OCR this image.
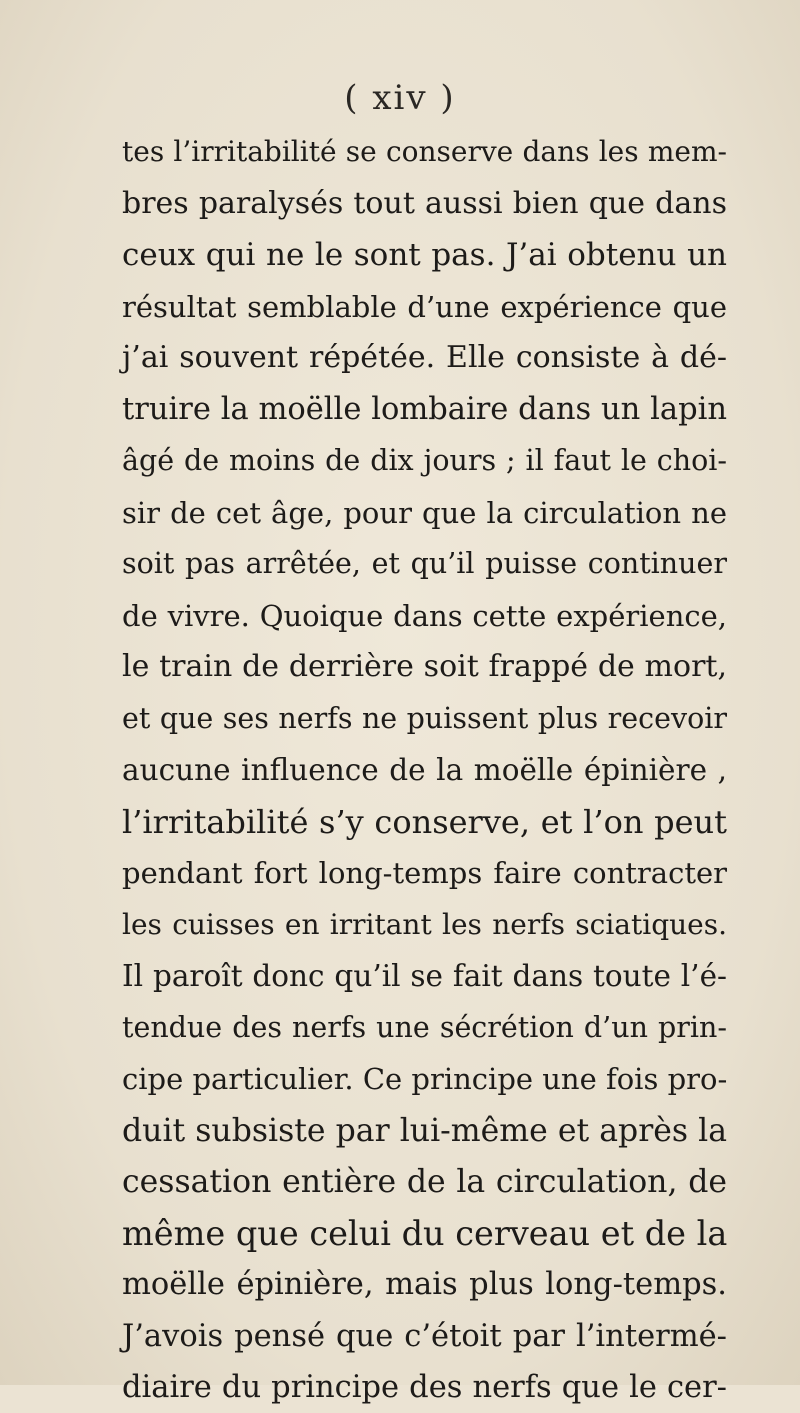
( xiv )
tes l’irritabilité se conserve dans les mem-
bres paralysés tout aussi bien que dans
ceux qui ne le sont pas. J’ai obtenu un
résultat semblable d’une expérience que
j’ai souvent répétée. Elle consiste à dé-
truire la moëlle lombaire dans un lapin
âgé de moins de dix jours ; il faut le choi-
sir de cet âge, pour que la circulation ne
soit pas arrêtée, et qu’il puisse continuer
de vivre. Quoique dans cette expérience,
le train de derrière soit frappé de mort,
et que ses nerfs ne puissent plus recevoir
aucune influence de la moëlle épinière ,
l’irritabilité s’y conserve, et l’on peut
pendant fort long-temps faire contracter
les cuisses en irritant les nerfs sciatiques.
Il paroît donc qu’il se fait dans toute l’é-
tendue des nerfs une sécrétion d’un prin-
cipe particulier. Ce principe une fois pro-
duit subsiste par lui-même et après la
cessation entière de la circulation, de
même que celui du cerveau et de la
moëlle épinière, mais plus long-temps.
J’avois pensé que c’étoit par l’intermé-
diaire du principe des nerfs que le cer-
